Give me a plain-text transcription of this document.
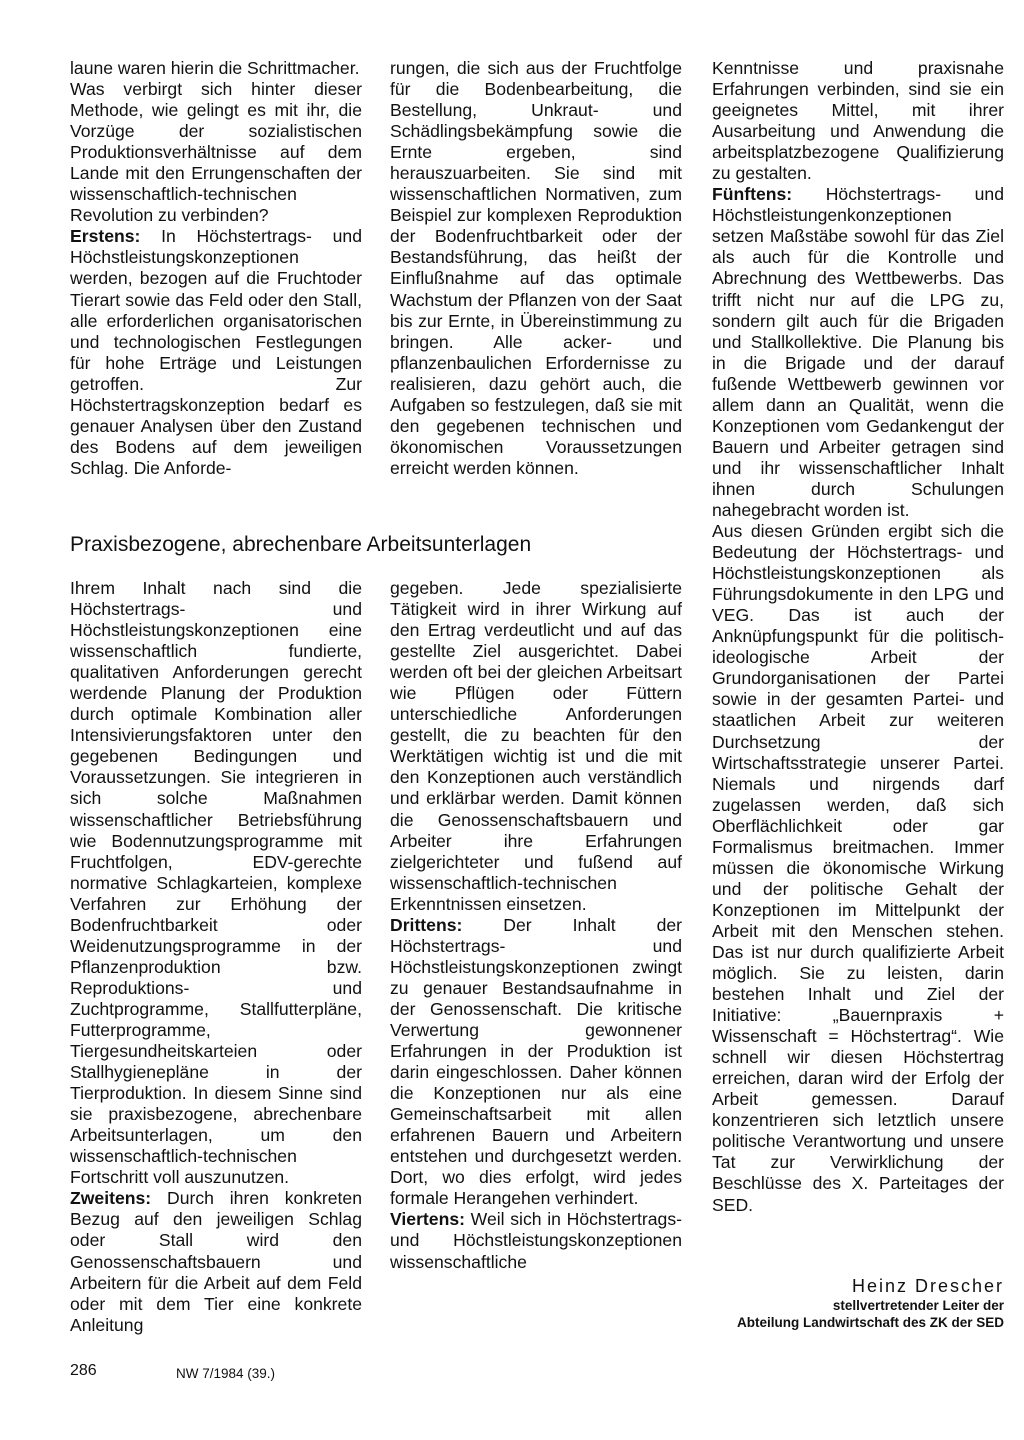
laune waren hierin die Schrittmacher.

Was verbirgt sich hinter dieser Methode, wie gelingt es mit ihr, die Vorzüge der sozialistischen Produktionsverhältnisse auf dem Lande mit den Errungenschaften der wissenschaftlich-technischen Revolution zu verbinden?

Erstens: In Höchstertrags- und Höchstleistungskonzeptionen werden, bezogen auf die Fruchtoder Tierart sowie das Feld oder den Stall, alle erforderlichen organisatorischen und technologischen Festlegungen für hohe Erträge und Leistungen getroffen. Zur Höchstertragskonzeption bedarf es genauer Analysen über den Zustand des Bodens auf dem jeweiligen Schlag. Die Anforde-

rungen, die sich aus der Fruchtfolge für die Bodenbearbeitung, die Bestellung, Unkraut- und Schädlingsbekämpfung sowie die Ernte ergeben, sind herauszuarbeiten. Sie sind mit wissenschaftlichen Normativen, zum Beispiel zur komplexen Reproduktion der Bodenfruchtbarkeit oder der Bestandsführung, das heißt der Einflußnahme auf das optimale Wachstum der Pflanzen von der Saat bis zur Ernte, in Übereinstimmung zu bringen. Alle acker- und pflanzenbaulichen Erfordernisse zu realisieren, dazu gehört auch, die Aufgaben so festzulegen, daß sie mit den gegebenen technischen und ökonomischen Voraussetzungen erreicht werden können.

Praxisbezogene, abrechenbare Arbeitsunterlagen

Ihrem Inhalt nach sind die Höchstertrags- und Höchstleistungskonzeptionen eine wissenschaftlich fundierte, qualitativen Anforderungen gerecht werdende Planung der Produktion durch optimale Kombination aller Intensivierungsfaktoren unter den gegebenen Bedingungen und Voraussetzungen. Sie integrieren in sich solche Maßnahmen wissenschaftlicher Betriebsführung wie Bodennutzungsprogramme mit Fruchtfolgen, EDV-gerechte normative Schlagkarteien, komplexe Verfahren zur Erhöhung der Bodenfruchtbarkeit oder Weidenutzungsprogramme in der Pflanzenproduktion bzw. Reproduktions- und Zuchtprogramme, Stallfutterpläne, Futterprogramme, Tiergesundheitskarteien oder Stallhygienepläne in der Tierproduktion. In diesem Sinne sind sie praxisbezogene, abrechenbare Arbeitsunterlagen, um den wissenschaftlich-technischen Fortschritt voll auszunutzen.

Zweitens: Durch ihren konkreten Bezug auf den jeweiligen Schlag oder Stall wird den Genossenschaftsbauern und Arbeitern für die Arbeit auf dem Feld oder mit dem Tier eine konkrete Anleitung

gegeben. Jede spezialisierte Tätigkeit wird in ihrer Wirkung auf den Ertrag verdeutlicht und auf das gestellte Ziel ausgerichtet. Dabei werden oft bei der gleichen Arbeitsart wie Pflügen oder Füttern unterschiedliche Anforderungen gestellt, die zu beachten für den Werktätigen wichtig ist und die mit den Konzeptionen auch verständlich und erklärbar werden. Damit können die Genossenschaftsbauern und Arbeiter ihre Erfahrungen zielgerichteter und fußend auf wissenschaftlich-technischen Erkenntnissen einsetzen.

Drittens: Der Inhalt der Höchstertrags- und Höchstleistungskonzeptionen zwingt zu genauer Bestandsaufnahme in der Genossenschaft. Die kritische Verwertung gewonnener Erfahrungen in der Produktion ist darin eingeschlossen. Daher können die Konzeptionen nur als eine Gemeinschaftsarbeit mit allen erfahrenen Bauern und Arbeitern entstehen und durchgesetzt werden. Dort, wo dies erfolgt, wird jedes formale Herangehen verhindert.

Viertens: Weil sich in Höchstertrags- und Höchstleistungskonzeptionen wissenschaftliche

Kenntnisse und praxisnahe Erfahrungen verbinden, sind sie ein geeignetes Mittel, mit ihrer Ausarbeitung und Anwendung die arbeitsplatzbezogene Qualifizierung zu gestalten.

Fünftens: Höchstertrags- und Höchstleistungenkonzeptionen setzen Maßstäbe sowohl für das Ziel als auch für die Kontrolle und Abrechnung des Wettbewerbs. Das trifft nicht nur auf die LPG zu, sondern gilt auch für die Brigaden und Stallkollektive. Die Planung bis in die Brigade und der darauf fußende Wettbewerb gewinnen vor allem dann an Qualität, wenn die Konzeptionen vom Gedankengut der Bauern und Arbeiter getragen sind und ihr wissenschaftlicher Inhalt ihnen durch Schulungen nahegebracht worden ist.

Aus diesen Gründen ergibt sich die Bedeutung der Höchstertrags- und Höchstleistungskonzeptionen als Führungsdokumente in den LPG und VEG. Das ist auch der Anknüpfungspunkt für die politisch-ideologische Arbeit der Grundorganisationen der Partei sowie in der gesamten Partei- und staatlichen Arbeit zur weiteren Durchsetzung der Wirtschaftsstrategie unserer Partei. Niemals und nirgends darf zugelassen werden, daß sich Oberflächlichkeit oder gar Formalismus breitmachen. Immer müssen die ökonomische Wirkung und der politische Gehalt der Konzeptionen im Mittelpunkt der Arbeit mit den Menschen stehen. Das ist nur durch qualifizierte Arbeit möglich. Sie zu leisten, darin bestehen Inhalt und Ziel der Initiative: „Bauernpraxis + Wissenschaft = Höchstertrag“. Wie schnell wir diesen Höchstertrag erreichen, daran wird der Erfolg der Arbeit gemessen. Darauf konzentrieren sich letztlich unsere politische Verantwortung und unsere Tat zur Verwirklichung der Beschlüsse des X. Parteitages der SED.

Heinz Drescher
stellvertretender Leiter der
Abteilung Landwirtschaft des ZK der SED
286	NW 7/1984 (39.)
